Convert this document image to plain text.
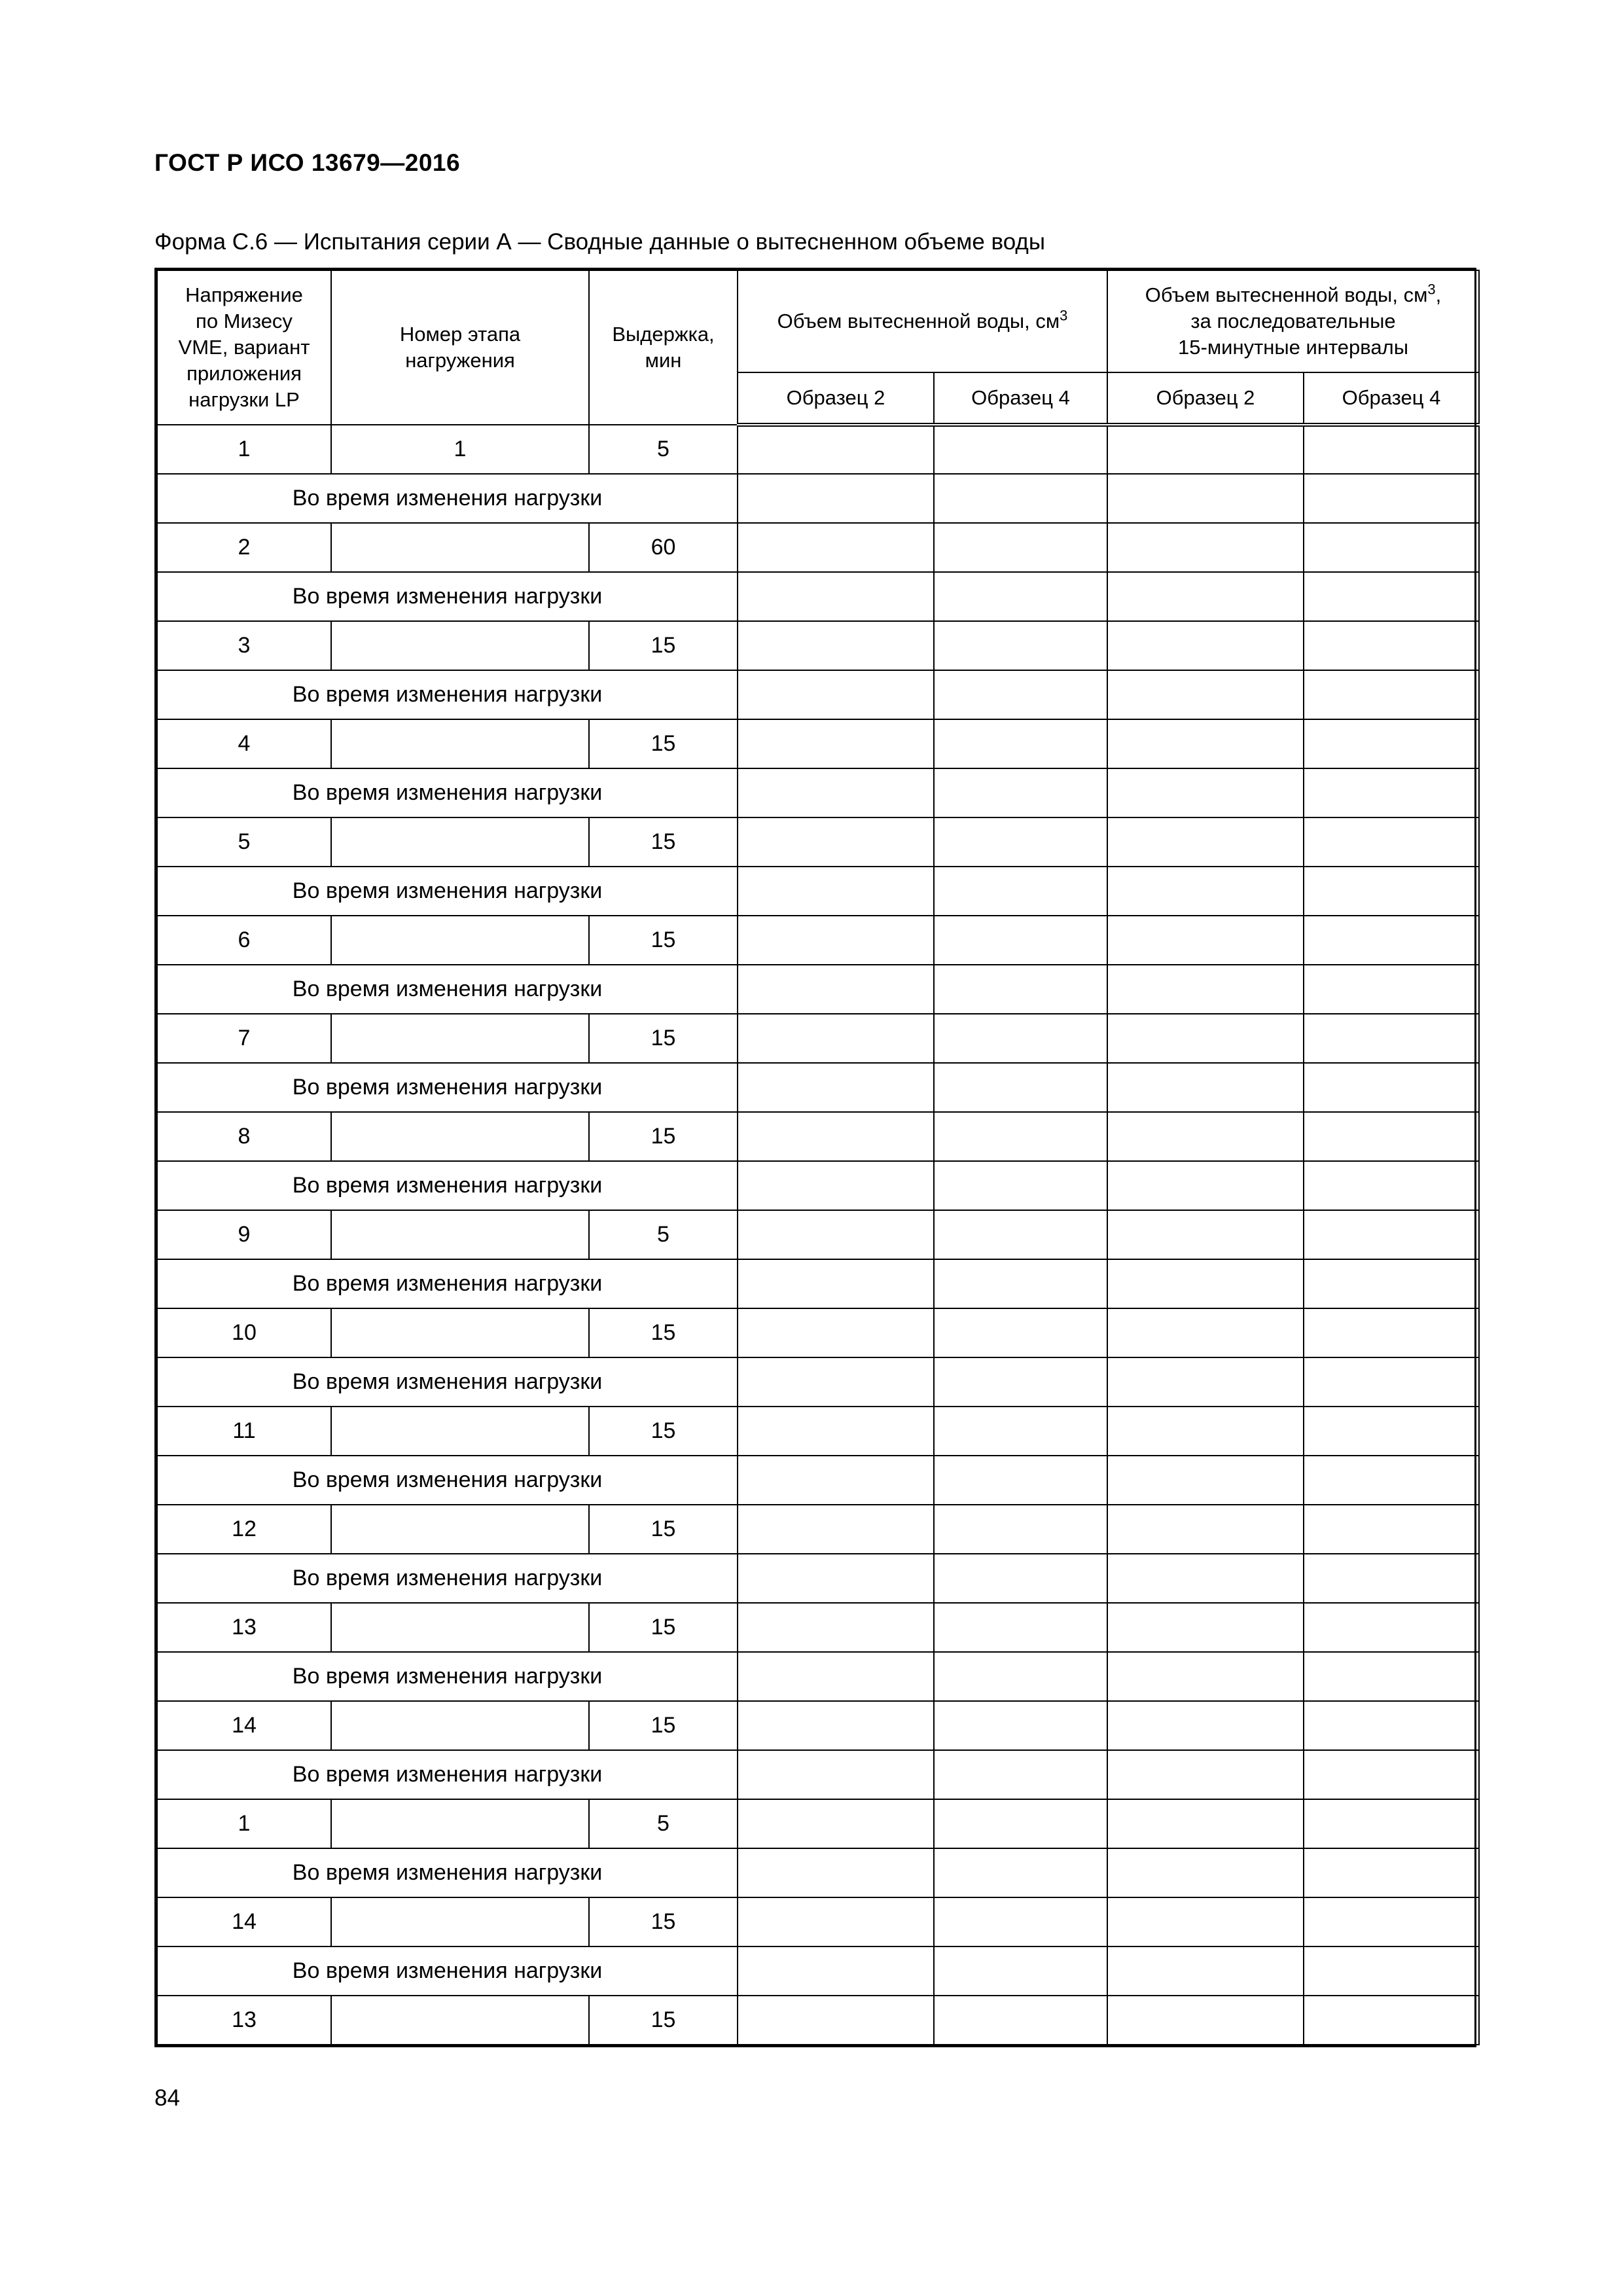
ГОСТ Р ИСО 13679—2016
Форма С.6 — Испытания серии А — Сводные данные о вытесненном объеме воды
Напряжение
по Мизесу
VME, вариант
приложения
нагрузки LP	Номер этапа
нагружения	Выдержка,
мин	Объем вытесненной воды, $см^3$		Объем вытесненной воды, $см^3$,
за последовательные
15-минутные интервалы	
			Образец 2	Образец 4	Образец 2	Образец 4
1	1	5				
Во время изменения нагрузки						
2		60				
Во время изменения нагрузки						
3		15				
Во время изменения нагрузки						
4		15				
Во время изменения нагрузки						
5		15				
Во время изменения нагрузки						
6		15				
Во время изменения нагрузки						
7		15				
Во время изменения нагрузки						
8		15				
Во время изменения нагрузки						
9		5				
Во время изменения нагрузки						
10		15				
Во время изменения нагрузки						
11		15				
Во время изменения нагрузки						
12		15				
Во время изменения нагрузки						
13		15				
Во время изменения нагрузки						
14		15				
Во время изменения нагрузки						
1		5				
Во время изменения нагрузки						
14		15				
Во время изменения нагрузки						
13		15				
84
